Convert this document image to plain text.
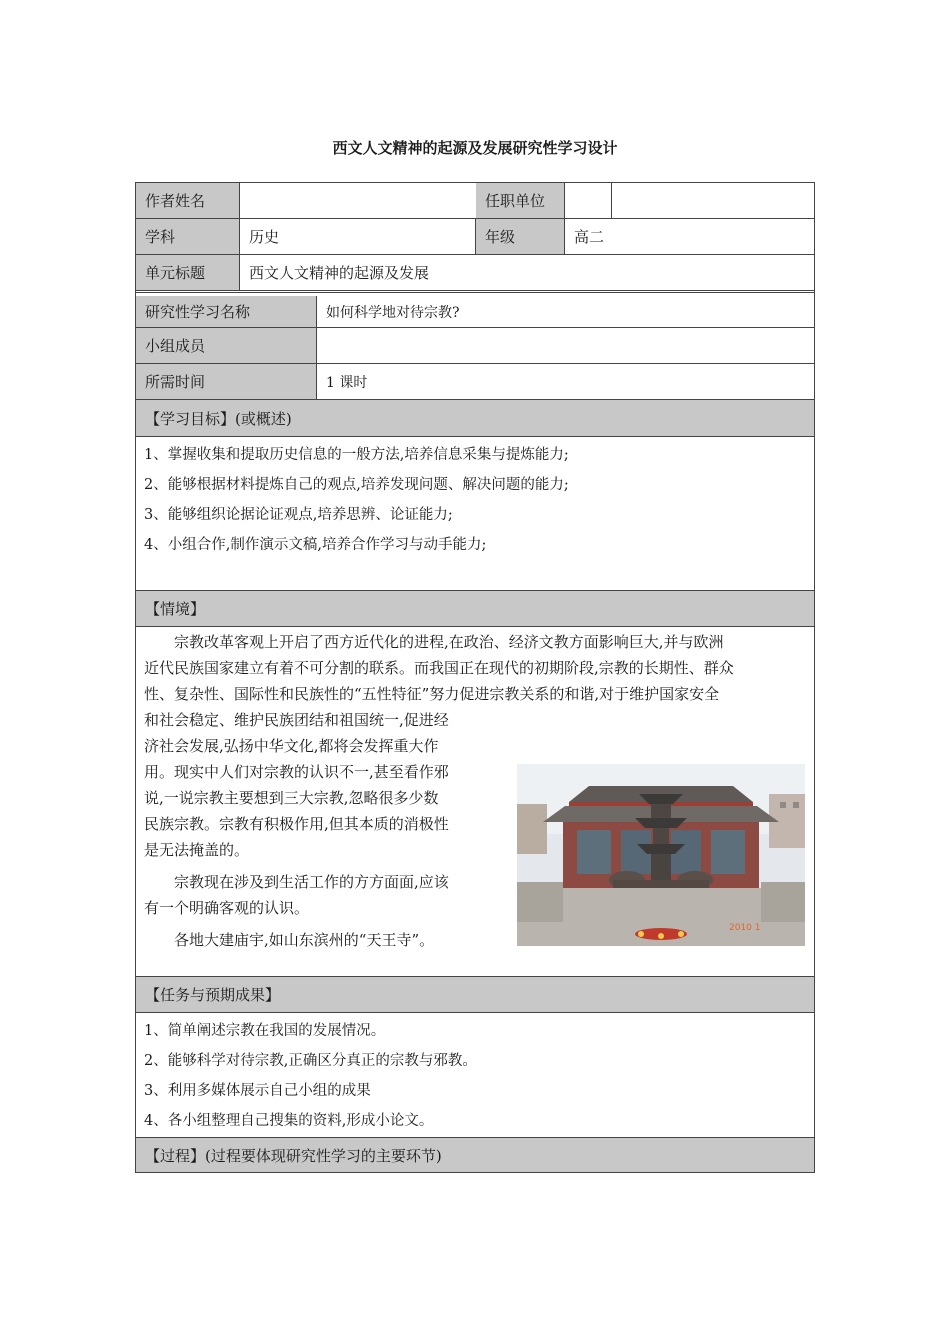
西文人文精神的起源及发展研究性学习设计
作者姓名	任职单位
学科	历史	年级	高二
单元标题	西文人文精神的起源及发展
研究性学习名称	如何科学地对待宗教?
小组成员
所需时间	1 课时
【学习目标】(或概述)
1、掌握收集和提取历史信息的一般方法,培养信息采集与提炼能力;
2、能够根据材料提炼自己的观点,培养发现问题、解决问题的能力;
3、能够组织论据论证观点,培养思辨、论证能力;
4、小组合作,制作演示文稿,培养合作学习与动手能力;
【情境】
宗教改革客观上开启了西方近代化的进程,在政治、经济文教方面影响巨大,并与欧洲
近代民族国家建立有着不可分割的联系。而我国正在现代的初期阶段,宗教的长期性、群众
性、复杂性、国际性和民族性的“五性特征”努力促进宗教关系的和谐,对于维护国家安全
和社会稳定、维护民族团结和祖国统一,促进经
济社会发展,弘扬中华文化,都将会发挥重大作
用。现实中人们对宗教的认识不一,甚至看作邪
说,一说宗教主要想到三大宗教,忽略很多少数
民族宗教。宗教有积极作用,但其本质的消极性
是无法掩盖的。
宗教现在涉及到生活工作的方方面面,应该
有一个明确客观的认识。
各地大建庙宇,如山东滨州的“天王寺”。
2010 1
【任务与预期成果】
1、简单阐述宗教在我国的发展情况。
2、能够科学对待宗教,正确区分真正的宗教与邪教。
3、利用多媒体展示自己小组的成果
4、各小组整理自己搜集的资料,形成小论文。
【过程】(过程要体现研究性学习的主要环节)
